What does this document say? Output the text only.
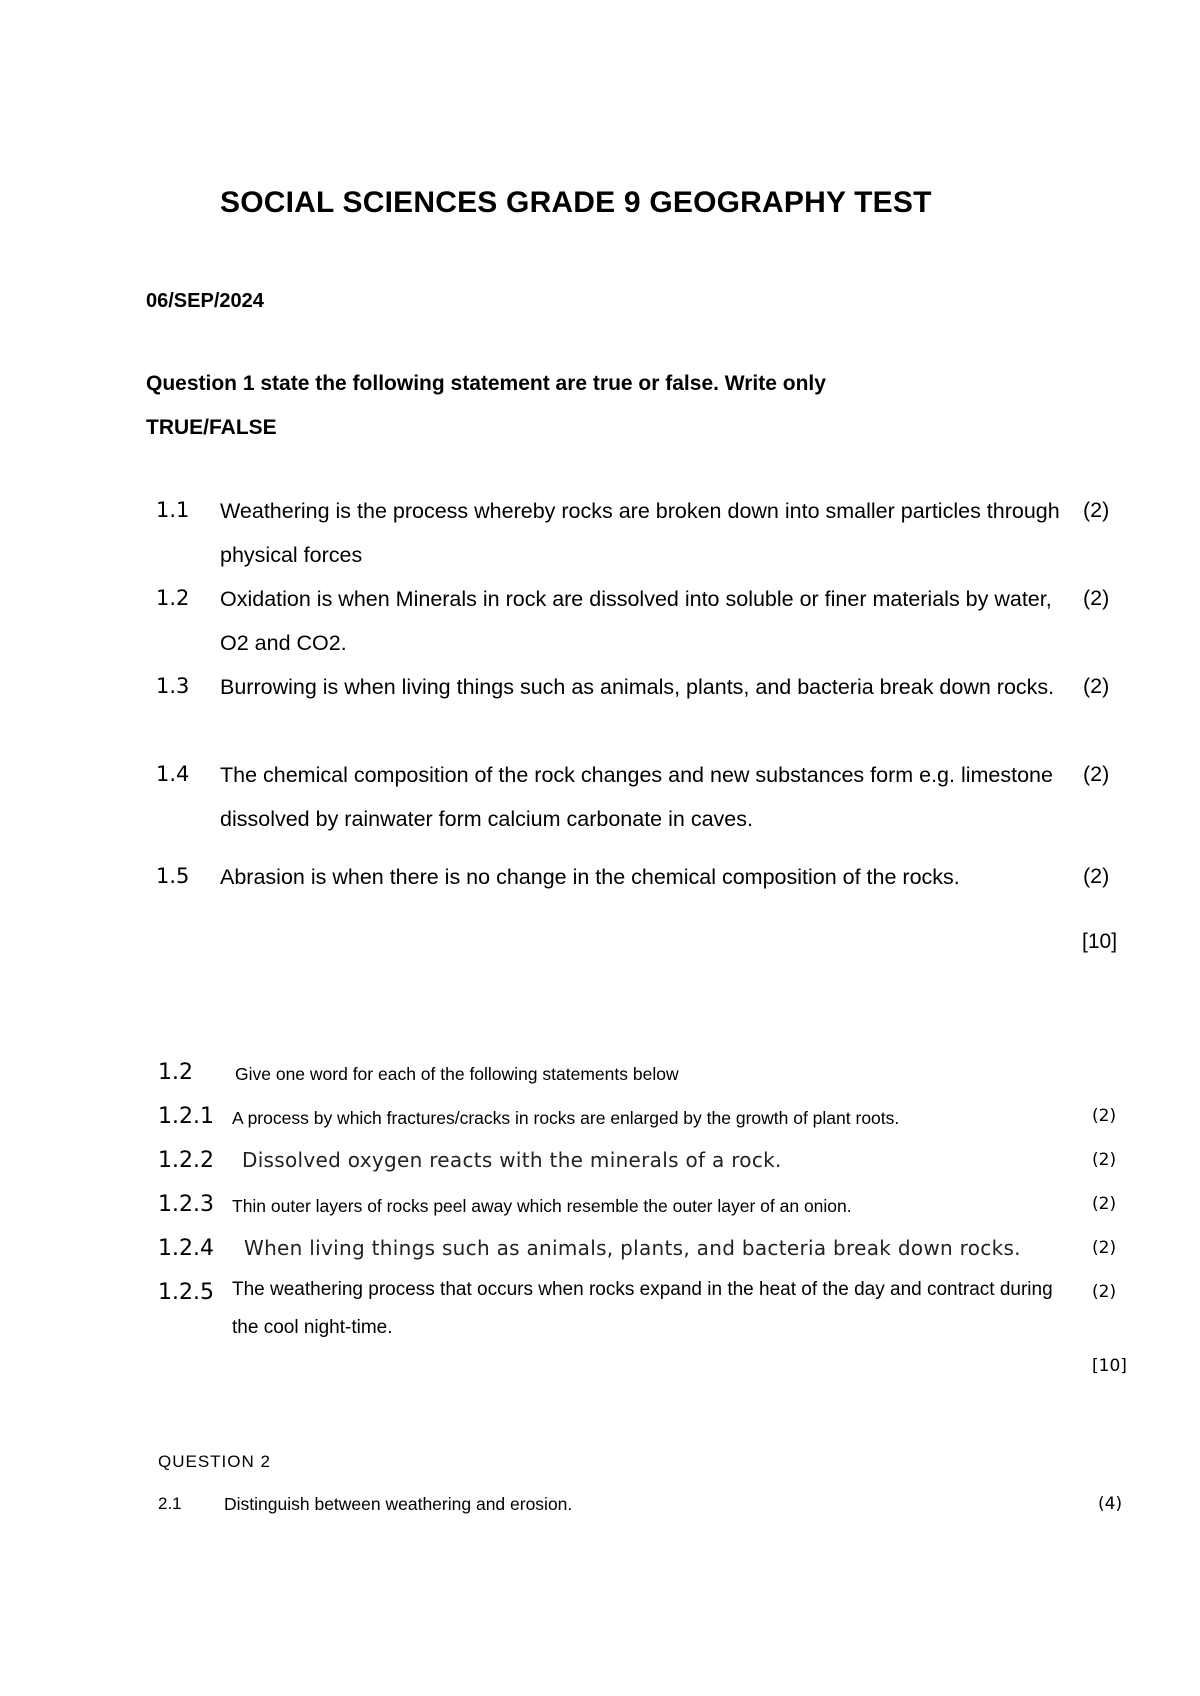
SOCIAL SCIENCES GRADE 9 GEOGRAPHY TEST

06/SEP/2024

Question 1 state the following statement are true or false. Write only

TRUE/FALSE

1.1 Weathering is the process whereby rocks are broken down into smaller particles through physical forces
(2)
1.2 Oxidation is when Minerals in rock are dissolved into soluble or finer materials by water, O2 and CO2.
(2)
1.3 Burrowing is when living things such as animals, plants, and bacteria break down rocks. (2)
1.4 The chemical composition of the rock changes and new substances form e.g. limestone dissolved by rainwater form calcium carbonate in caves.
(2)
1.5 Abrasion is when there is no change in the chemical composition of the rocks.	(2)
[10]
1.2 Give one word for each of the following statements below
1.2.1 A process by which fractures/cracks in rocks are enlarged by the growth of plant roots.	(2)
1.2.2 Dissolved oxygen reacts with the minerals of a rock.	(2)
1.2.3 Thin outer layers of rocks peel away which resemble the outer layer of an onion.	(2)
1.2.4 When living things such as animals, plants, and bacteria break down rocks.	(2)
1.2.5 The weathering process that occurs when rocks expand in the heat of the day and contract during the cool night-time.
(2)
[10]
QUESTION 2
2.1 Distinguish between weathering and erosion.	(4)
